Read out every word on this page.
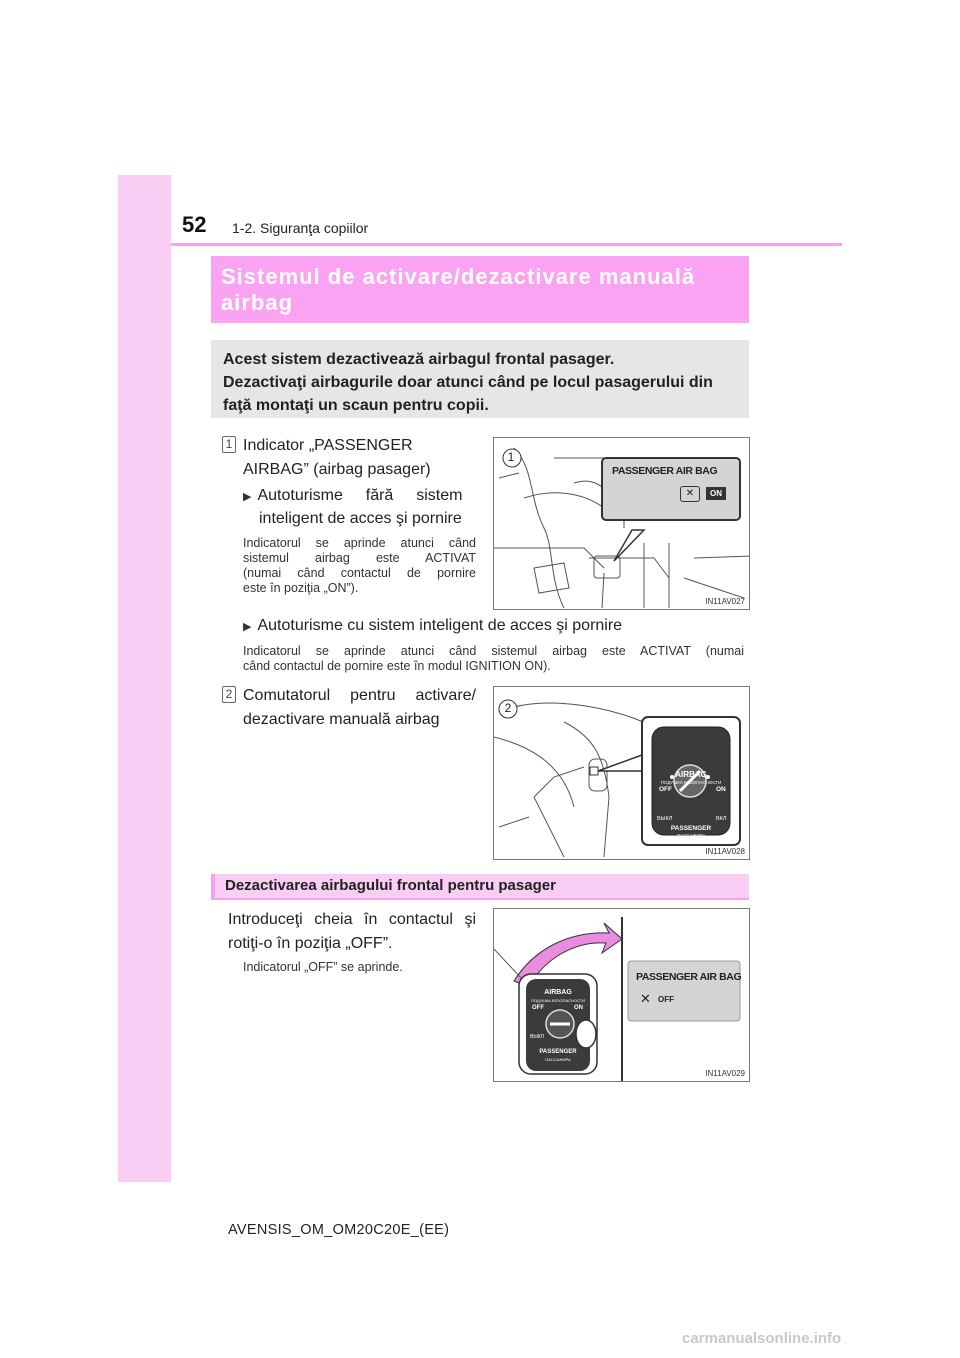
52 1-2. Siguranţa copiilor
Sistemul de activare/dezactivare manuală
airbag

Acest sistem dezactivează airbagul frontal pasager.

Dezactivaţi airbagurile doar atunci când pe locul pasagerului din

faţă montaţi un scaun pentru copii.

1 Indicator „PASSENGER
AIRBAG” (airbag pasager)
▶ Autoturisme fără sistem
inteligent de acces şi pornire
Indicatorul se aprinde atunci când
sistemul airbag este ACTIVAT
(numai când contactul de pornire
este în poziţia „ON”).
1
PASSENGER AIR BAG
✕	ON
IN11AV027
▶ Autoturisme cu sistem inteligent de acces şi pornire
Indicatorul se aprinde atunci când sistemul airbag este ACTIVAT (numai
când contactul de pornire este în modul IGNITION ON).
2 Comutatorul pentru activare/
dezactivare manuală airbag
2
AIRBAG
ПОДУШКА БЕЗОПАСНОСТИ
OFF	ON
ВЫКЛ	ВКЛ
PASSENGER
ПАССАЖИРА
IN11AV028
Dezactivarea airbagului frontal pentru pasager
Introduceţi cheia în contactul şi
rotiţi-o în poziţia „OFF”.
Indicatorul „OFF” se aprinde.
AIRBAG
ПОДУШКА БЕЗОПАСНОСТИ
OFF	ON
ВЫКЛ
PASSENGER
ПАССАЖИРА
PASSENGER AIR BAG
✕ OFF
IN11AV029
AVENSIS_OM_OM20C20E_(EE)
carmanualsonline.info
